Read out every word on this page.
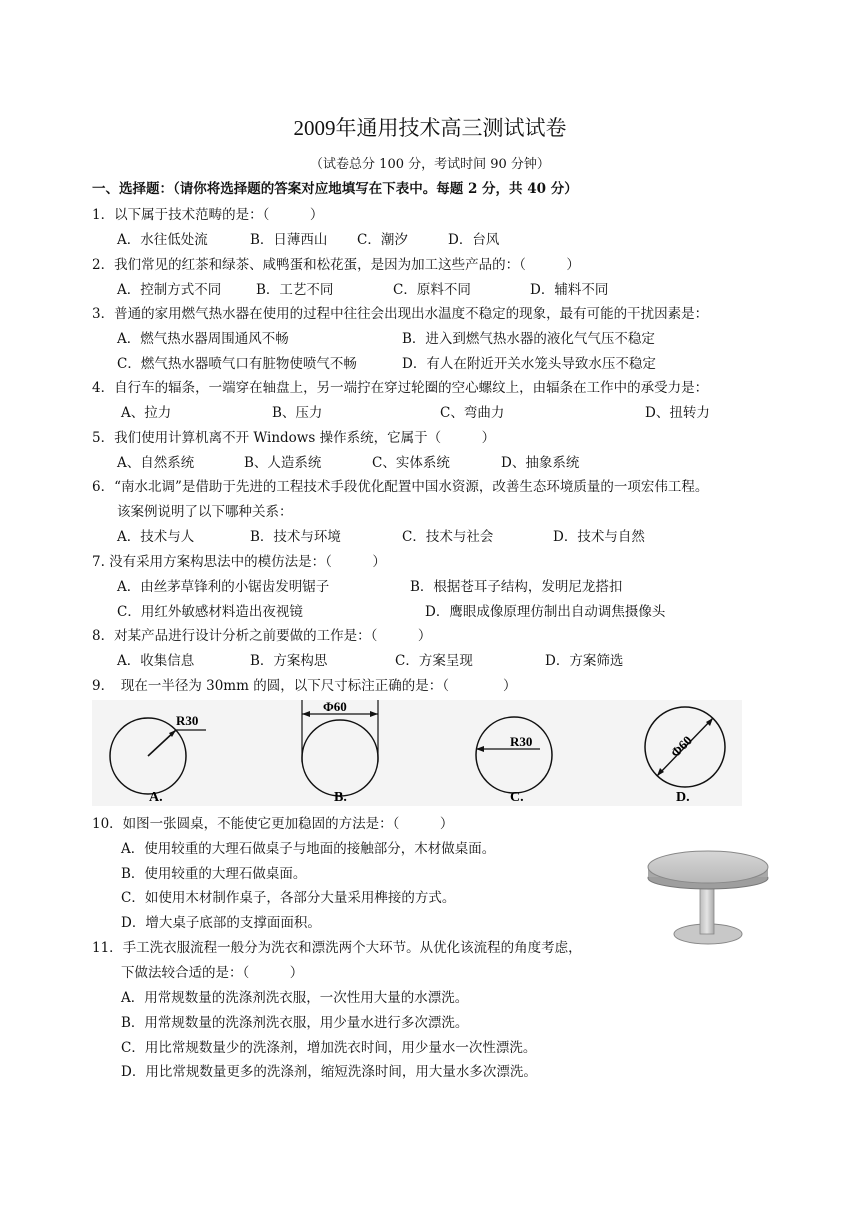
2009年通用技术高三测试试卷
（试卷总分 100 分，考试时间 90 分钟）
一、选择题：（请你将选择题的答案对应地填写在下表中。每题 2 分，共 40 分）
1．以下属于技术范畴的是：（　　　）
A．水往低处流	B．日薄西山 C．潮汐	D．台风
2．我们常见的红茶和绿茶、咸鸭蛋和松花蛋，是因为加工这些产品的：（　　　）
A．控制方式不同	B．工艺不同	C．原料不同	D．辅料不同
3．普通的家用燃气热水器在使用的过程中往往会出现出水温度不稳定的现象，最有可能的干扰因素是：
A．燃气热水器周围通风不畅	B．进入到燃气热水器的液化气气压不稳定
C．燃气热水器喷气口有脏物使喷气不畅	D．有人在附近开关水笼头导致水压不稳定
4．自行车的辐条，一端穿在轴盘上，另一端拧在穿过轮圈的空心螺纹上，由辐条在工作中的承受力是：
A、拉力	B、压力	C、弯曲力	D、扭转力
5．我们使用计算机离不开 Windows 操作系统，它属于（　　　）
A、自然系统	B、人造系统	C、实体系统	D、抽象系统
6．“南水北调”是借助于先进的工程技术手段优化配置中国水资源，改善生态环境质量的一项宏伟工程。
该案例说明了以下哪种关系：
A．技术与人	B．技术与环境	C．技术与社会	D．技术与自然
7. 没有采用方案构思法中的模仿法是：（　　　）
A．由丝茅草锋利的小锯齿发明锯子	B．根据苍耳子结构，发明尼龙搭扣
C．用红外敏感材料造出夜视镜	D．鹰眼成像原理仿制出自动调焦摄像头
8．对某产品进行设计分析之前要做的工作是：（　　　）
A．收集信息	B．方案构思	C．方案呈现	D．方案筛选
9．　现在一半径为 30mm 的圆，以下尺寸标注正确的是：（　　　　）
R30
Φ60
R30	Φ60
A.	B.	C.	D.
10．如图一张圆桌，不能使它更加稳固的方法是：（　　　）
A．使用较重的大理石做桌子与地面的接触部分，木材做桌面。
B．使用较重的大理石做桌面。
C．如使用木材制作桌子，各部分大量采用榫接的方式。
D．增大桌子底部的支撑面面积。
11．手工洗衣服流程一般分为洗衣和漂洗两个大环节。从优化该流程的角度考虑，
下做法较合适的是：（　　　）
A．用常规数量的洗涤剂洗衣服，一次性用大量的水漂洗。
B．用常规数量的洗涤剂洗衣服，用少量水进行多次漂洗。
C．用比常规数量少的洗涤剂，增加洗衣时间，用少量水一次性漂洗。
D．用比常规数量更多的洗涤剂，缩短洗涤时间，用大量水多次漂洗。
